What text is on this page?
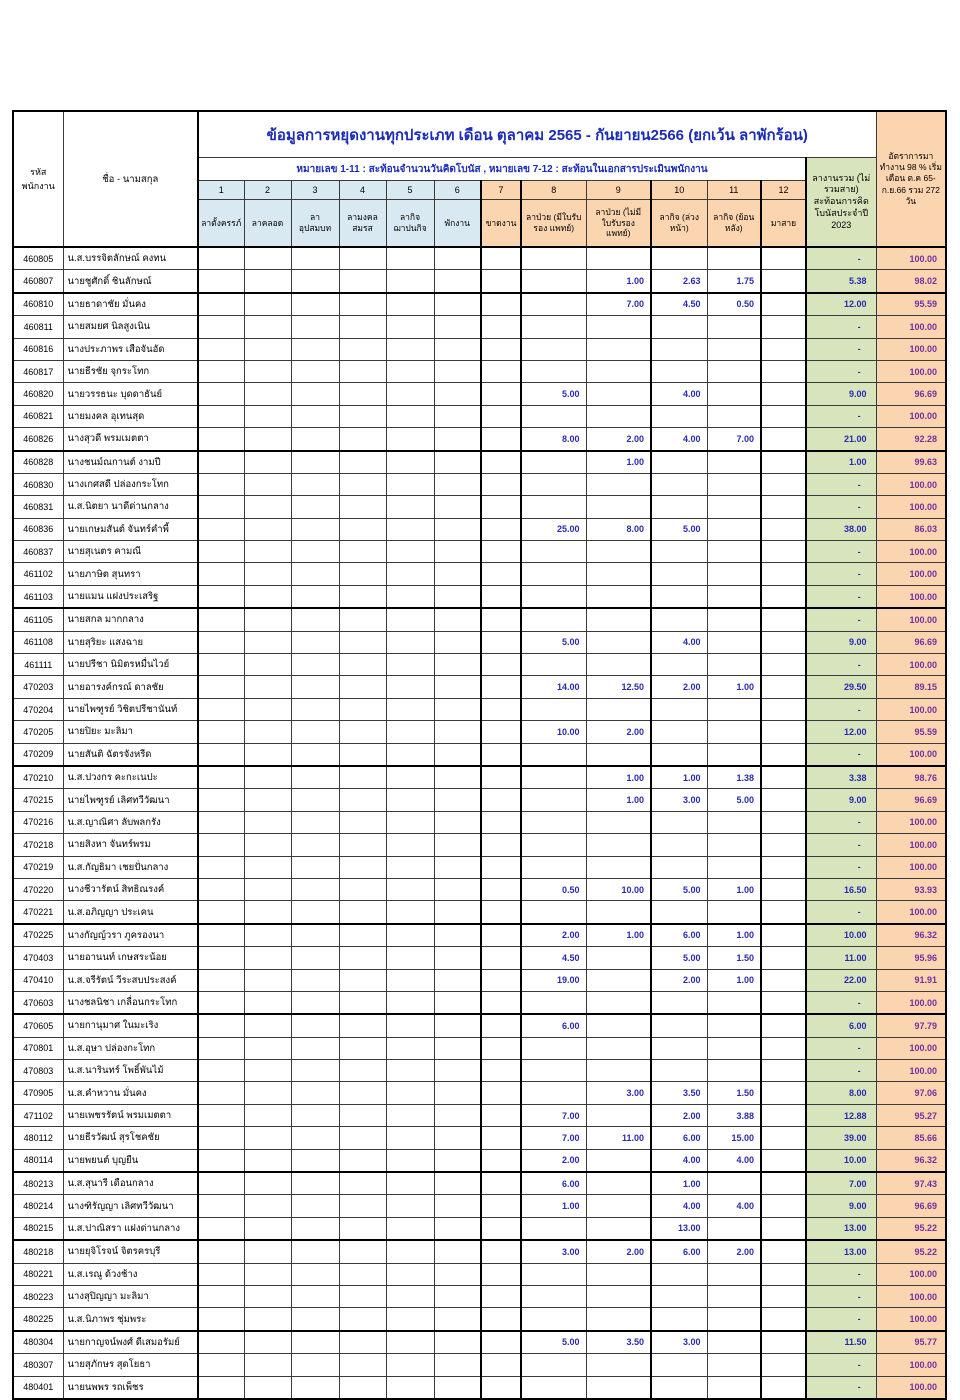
รหัสพนักงาน	ชื่อ - นามสกุล	ข้อมูลการหยุดงานทุกประเภท เดือน ตุลาคม 2565 - กันยายน2566 (ยกเว้น ลาพักร้อน)													อัตราการมาทำงาน 98 % เริ่มเดือน ต.ค 65-ก.ย.66 รวม 272 วัน
		หมายเลข 1-11 : สะท้อนจำนวนวันคิดโบนัส , หมายเลข 7-12 : สะท้อนในเอกสารประเมินพนักงาน												ลางานรวม (ไม่รวมสาย) สะท้อนการคิดโบนัสประจำปี 2023	
		1	2	3	4	5	6	7	8	9	10	11	12		
		ลาตั้งครรภ์	ลาคลอด	ลา อุปสมบท	ลามงคล สมรส	ลากิจ ฌาปนกิจ	พักงาน	ขาดงาน	ลาป่วย (มีใบรับรอง แพทย์)	ลาป่วย (ไม่มีใบรับรอง แพทย์)	ลากิจ (ล่วงหน้า)	ลากิจ (ย้อนหลัง)	มาสาย		
460805	น.ส.บรรจิตลักษณ์ คงทน													-	100.00
460807	นายชูศักดิ์ ชินลักษณ์									1.00	2.63	1.75		5.38	98.02
460810	นายธาดาชัย มั่นคง									7.00	4.50	0.50		12.00	95.59
460811	นายสมยศ นิลสูงเนิน													-	100.00
460816	นางประภาพร เสือจันอัด													-	100.00
460817	นายธีรชัย จุกระโทก													-	100.00
460820	นายวรรธนะ บุดดาธันย์								5.00		4.00			9.00	96.69
460821	นายมงคล อุเทนสุด													-	100.00
460826	นางสุวดี พรมเมตตา								8.00	2.00	4.00	7.00		21.00	92.28
460828	นางชนม์ณกานต์ งามปี									1.00				1.00	99.63
460830	นางเกศสดี ปล่องกระโทก													-	100.00
460831	น.ส.นิตยา นาดีด่านกลาง													-	100.00
460836	นายเกษมสันต์ จันทร์คำพี้								25.00	8.00	5.00			38.00	86.03
460837	นายสุเนตร คามณี													-	100.00
461102	นายภาษิต สุนทรา													-	100.00
461103	นายแมน แฝงประเสริฐ													-	100.00
461105	นายสกล มากกลาง													-	100.00
461108	นายสุริยะ แสงฉาย								5.00		4.00			9.00	96.69
461111	นายปรีชา นิมิตรหมื่นไวย์													-	100.00
470203	นายอารงค์กรณ์ ดาลชัย								14.00	12.50	2.00	1.00		29.50	89.15
470204	นายไพฑูรย์ วิชิตปรีชานันท์													-	100.00
470205	นายปิยะ มะลิมา								10.00	2.00				12.00	95.59
470209	นายสันติ ฉัตรจังหรีด													-	100.00
470210	น.ส.ปวงกร คะกะเนปะ									1.00	1.00	1.38		3.38	98.76
470215	นายไพฑูรย์ เลิศทวีวัฒนา									1.00	3.00	5.00		9.00	96.69
470216	น.ส.ญาณิศา ลับพลกรัง													-	100.00
470218	นายสิงหา จันทร์พรม													-	100.00
470219	น.ส.กัญธิมา เชยปั่นกลาง													-	100.00
470220	นางชีวารัตน์ สิทธิณรงค์								0.50	10.00	5.00	1.00		16.50	93.93
470221	น.ส.อภิญญา ประเคน													-	100.00
470225	นางกัญญ์วรา ภูครองนา								2.00	1.00	6.00	1.00		10.00	96.32
470403	นายอานนท์ เกษสระน้อย								4.50		5.00	1.50		11.00	95.96
470410	น.ส.จรีรัตน์ วีระสบประสงค์								19.00		2.00	1.00		22.00	91.91
470603	นางชลนิชา เกลื่อนกระโทก													-	100.00
470605	นายกานุมาศ ในมะเริง								6.00					6.00	97.79
470801	น.ส.อุษา ปล่องกะโทก													-	100.00
470803	น.ส.นารินทร์ โพธิ์พันไม้													-	100.00
470905	น.ส.คำหวาน มั่นคง									3.00	3.50	1.50		8.00	97.06
471102	นายเพชรรัตน์ พรมเมตตา								7.00		2.00	3.88		12.88	95.27
480112	นายธีรวัฒน์ สุรโชคชัย								7.00	11.00	6.00	15.00		39.00	85.66
480114	นายพยนต์ บุญยืน								2.00		4.00	4.00		10.00	96.32
480213	น.ส.สุนารี เดือนกลาง								6.00		1.00			7.00	97.43
480214	นางฑิรัญญา เลิศทวีวัฒนา								1.00		4.00	4.00		9.00	96.69
480215	น.ส.ปาณิสรา แฝงด่านกลาง										13.00			13.00	95.22
480218	นายยุจิโรจน์ จิตรครบุรี								3.00	2.00	6.00	2.00		13.00	95.22
480221	น.ส.เรณู ด้วงช้าง													-	100.00
480223	นางสุปิญญา มะลิมา													-	100.00
480225	น.ส.นิภาพร ชุ่มพระ													-	100.00
480304	นายกาญจน์พงศ์ ดีเสมอรัมย์								5.00	3.50	3.00			11.50	95.77
480307	นายสุภักษร สุดโยธา													-	100.00
480401	นายนพพร รถเพ็ชร													-	100.00
